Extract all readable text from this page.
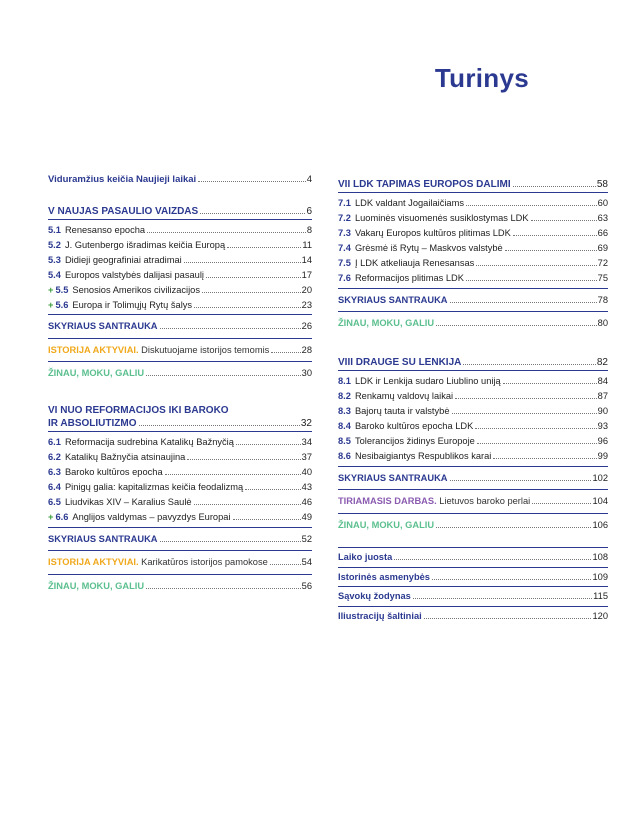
Turinys
Viduramžius keičia Naujieji laikai	4
V NAUJAS PASAULIO VAIZDAS	6
5.1 Renesanso epocha	8
5.2 J. Gutenbergo išradimas keičia Europą	11
5.3 Didieji geografiniai atradimai	14
5.4 Europos valstybės dalijasi pasaulį	17
+ 5.5 Senosios Amerikos civilizacijos	20
+ 5.6 Europa ir Tolimųjų Rytų šalys	23
SKYRIAUS SANTRAUKA	26
ISTORIJA AKTYVIAI. Diskutuojame istorijos temomis	28
ŽINAU, MOKU, GALIU	30
VI NUO REFORMACIJOS IKI BAROKO
IR ABSOLIUTIZMO	32
6.1 Reformacija sudrebina Katalikų Bažnyčią	34
6.2 Katalikų Bažnyčia atsinaujina	37
6.3 Baroko kultūros epocha	40
6.4 Pinigų galia: kapitalizmas keičia feodalizmą	43
6.5 Liudvikas XIV – Karalius Saulė	46
+ 6.6 Anglijos valdymas – pavyzdys Europai	49
SKYRIAUS SANTRAUKA	52
ISTORIJA AKTYVIAI. Karikatūros istorijos pamokose	54
ŽINAU, MOKU, GALIU	56
VII LDK TAPIMAS EUROPOS DALIMI	58
7.1 LDK valdant Jogailaičiams	60
7.2 Luominės visuomenės susiklostymas LDK	63
7.3 Vakarų Europos kultūros plitimas LDK	66
7.4 Grėsmė iš Rytų – Maskvos valstybė	69
7.5 Į LDK atkeliauja Renesansas	72
7.6 Reformacijos plitimas LDK	75
SKYRIAUS SANTRAUKA	78
ŽINAU, MOKU, GALIU	80
VIII DRAUGE SU LENKIJA	82
8.1 LDK ir Lenkija sudaro Liublino uniją	84
8.2 Renkamų valdovų laikai	87
8.3 Bajorų tauta ir valstybė	90
8.4 Baroko kultūros epocha LDK	93
8.5 Tolerancijos židinys Europoje	96
8.6 Nesibaigiantys Respublikos karai	99
SKYRIAUS SANTRAUKA	102
TIRIAMASIS DARBAS. Lietuvos baroko perlai	104
ŽINAU, MOKU, GALIU	106
Laiko juosta	108
Istorinės asmenybės	109
Sąvokų žodynas	115
Iliustracijų šaltiniai	120
